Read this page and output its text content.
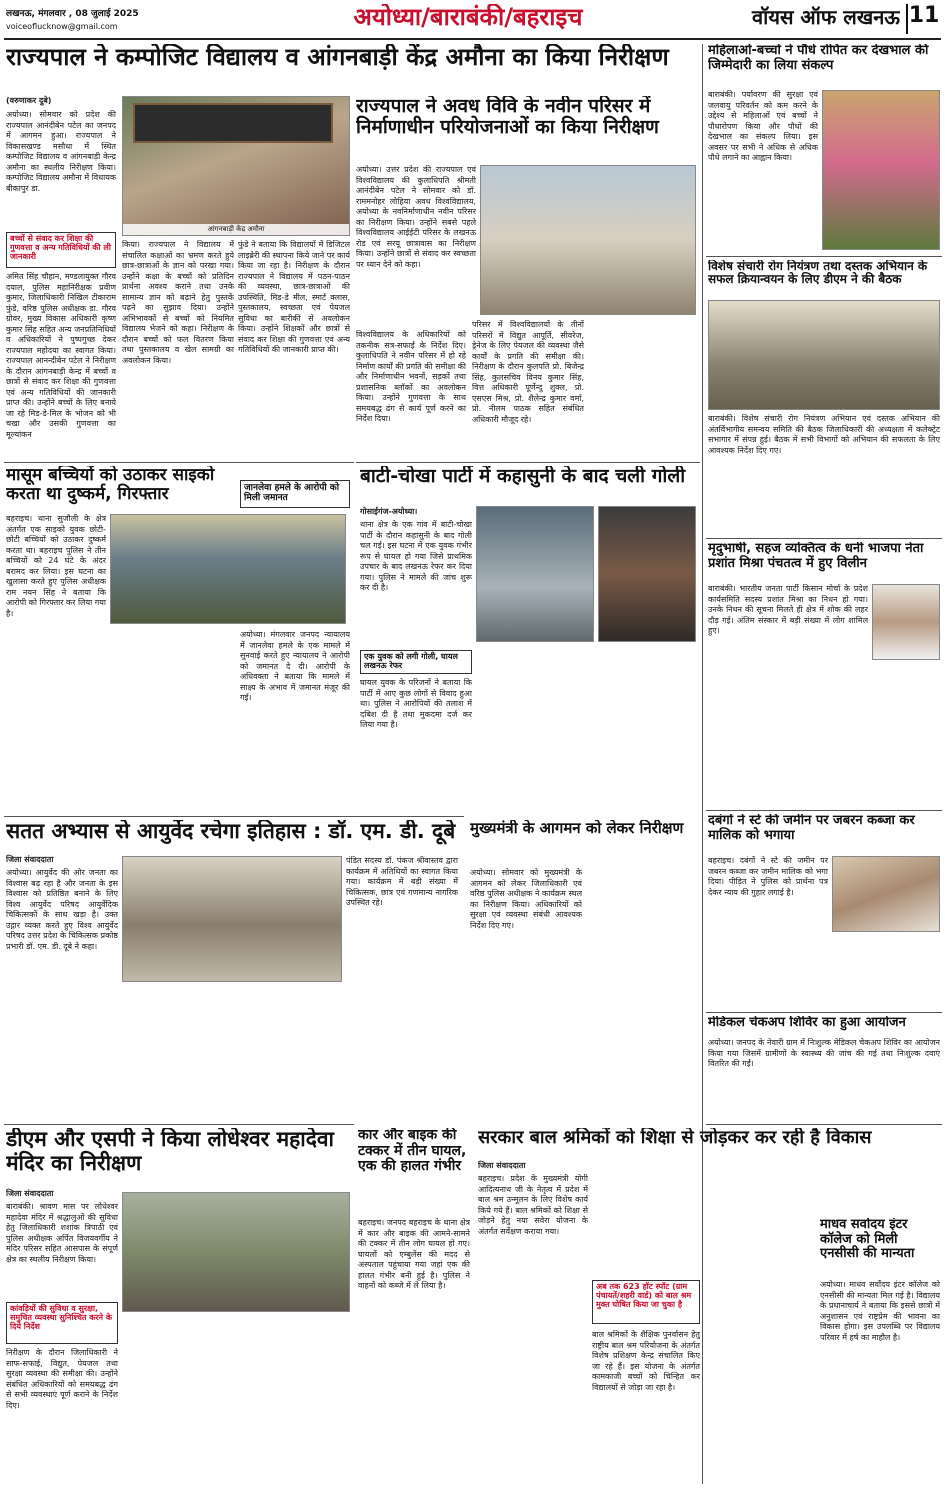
लखनऊ, मंगलवार , 08 जुलाई 2025
voiceoflucknow@gmail.com	अयोध्या/बाराबंकी/बहराइच	वॉयस ऑफ लखनऊ 11
राज्यपाल ने कम्पोजिट विद्यालय व आंगनबाड़ी केंद्र अमौना का किया निरीक्षण
(वरुणाकर दुबे)
अयोध्या। सोमवार को प्रदेश की राज्यपाल आनंदीबेन पटेल का जनपद में आगमन हुआ। राज्यपाल ने विकासखण्ड मसौधा में स्थित कम्पोजिट विद्यालय व आंगनबाड़ी केन्द्र अमौना का स्थलीय निरीक्षण किया। कम्पोजिट विद्यालय अमौना में विधायक बीकापुर डा.
बच्चों से संवाद कर शिक्षा की गुणवत्ता व अन्य गतिविधियों की ली जानकारी
अमित सिंह चौहान, मण्डलायुक्त गौरव दयाल, पुलिस महानिरीक्षक प्रवीण कुमार, जिलाधिकारी निखिल टीकाराम फुंडे, वरिष्ठ पुलिस अधीक्षक डा. गौरव ग्रोवर, मुख्य विकास अधिकारी कृष्ण कुमार सिंह सहित अन्य जनप्रतिनिधियों व अधिकारियों ने पुष्पगुच्छ देकर राज्यपाल महोदया का स्वागत किया। राज्यपाल आनन्दीबेन पटेल ने निरीक्षण के दौरान आंगनबाड़ी केन्द्र में बच्चों व छात्रों से संवाद कर शिक्षा की गुणवत्ता एवं अन्य गतिविधियों की जानकारी प्राप्त की। उन्होंने बच्चों के लिए बनाये जा रहे मिड-डे-मिल के भोजन को भी चखा और उसकी गुणवत्ता का मूल्यांकन
आंगनबाड़ी केंद्र अमौना
किया। राज्यपाल ने विद्यालय में संचालित कक्षाओं का भ्रमण करते हुये छात्र-छात्राओं के ज्ञान को परखा गया। उन्होंने कक्षा के बच्चों को प्रतिदिन प्रार्थना अवश्य कराने तथा उनके सामान्य ज्ञान को बढ़ाने हेतु पुस्तकें पढ़ने का सुझाव दिया। उन्होंने अभिभावकों से बच्चों को नियमित विद्यालय भेजने को कहा। निरीक्षण के दौरान बच्चों को फल वितरण किया तथा पुस्तकालय व खेल सामग्री का अवलोकन किया।
फुंडे ने बताया कि विद्यालयों में डिजिटल लाइब्रेरी की स्थापना किये जाने पर कार्य किया जा रहा है। निरीक्षण के दौरान राज्यपाल ने विद्यालय में पठन-पाठन की व्यवस्था, छात्र-छात्राओं की उपस्थिति, मिड-डे मील, स्मार्ट क्लास, पुस्तकालय, स्वच्छता एवं पेयजल सुविधा का बारीकी से अवलोकन किया। उन्होंने शिक्षकों और छात्रों से संवाद कर शिक्षा की गुणवत्ता एवं अन्य गतिविधियों की जानकारी प्राप्त की।
राज्यपाल ने अवध विवि के नवीन परिसर में निर्माणाधीन परियोजनाओं का किया निरीक्षण
अयोध्या। उत्तर प्रदेश की राज्यपाल एवं विश्वविद्यालय की कुलाधिपति श्रीमती आनंदीबेन पटेल ने सोमवार को डॉ. राममनोहर लोहिया अवध विश्वविद्यालय, अयोध्या के नवनिर्माणाधीन नवीन परिसर का निरीक्षण किया। उन्होंने सबसे पहले विश्वविद्यालय आईईटी परिसर के लखनऊ रोड एवं सरयू छात्रावास का निरीक्षण किया। उन्होंने छात्रों से संवाद कर स्वच्छता पर ध्यान देने को कहा।
विश्वविद्यालय के अधिकारियों को तकनीक सत्र-सफाई के निर्देश दिए। कुलाधिपति ने नवीन परिसर में हो रहे निर्माण कार्यों की प्रगति की समीक्षा की और निर्माणाधीन भवनों, सड़कों तथा प्रशासनिक ब्लॉकों का अवलोकन किया। उन्होंने गुणवत्ता के साथ समयबद्ध ढंग से कार्य पूर्ण करने का निर्देश दिया।
परिसर में विश्वविद्यालयों के तीनों परिसरों में विद्युत आपूर्ति, सीवरेज, ड्रेनेज के लिए पेयजल की व्यवस्था जैसे कार्यों के प्रगति की समीक्षा की। निरीक्षण के दौरान कुलपति प्रो. बिजेन्द्र सिंह, कुलसचिव विनय कुमार सिंह, वित्त अधिकारी पूर्णेन्दु शुक्ल, प्रो. एसएस मिश्र, प्रो. शैलेन्द्र कुमार वर्मा, प्रो. नीलम पाठक सहित संबंधित अधिकारी मौजूद रहे।
मासूम बच्चियों को उठाकर साइको करता था दुष्कर्म, गिरफ्तार
बहराइच। थाना सुजौली के क्षेत्र अंतर्गत एक साइको युवक छोटी-छोटी बच्चियों को उठाकर दुष्कर्म करता था। बहराइच पुलिस ने तीन बच्चियों को 24 घंटे के अंदर बरामद कर लिया। इस घटना का खुलासा करते हुए पुलिस अधीक्षक राम नयन सिंह ने बताया कि आरोपी को गिरफ्तार कर लिया गया है।
जानलेवा हमले के आरोपी को मिली जमानत
अयोध्या। मंगलवार जनपद न्यायालय में जानलेवा हमले के एक मामले में सुनवाई करते हुए न्यायालय ने आरोपी को जमानत दे दी। आरोपी के अधिवक्ता ने बताया कि मामले में साक्ष्य के अभाव में जमानत मंजूर की गई।
बाटी-चोखा पार्टी में कहासुनी के बाद चली गोली
गोसाईगंज-अयोध्या।
थाना क्षेत्र के एक गांव में बाटी-चोखा पार्टी के दौरान कहासुनी के बाद गोली चल गई। इस घटना में एक युवक गंभीर रूप से घायल हो गया जिसे प्राथमिक उपचार के बाद लखनऊ रेफर कर दिया गया। पुलिस ने मामले की जांच शुरू कर दी है।
एक युवक को लगी गोली, घायल लखनऊ रेफर
घायल युवक के परिजनों ने बताया कि पार्टी में आए कुछ लोगों से विवाद हुआ था। पुलिस ने आरोपियों की तलाश में दबिश दी है तथा मुकदमा दर्ज कर लिया गया है।
सतत अभ्यास से आयुर्वेद रचेगा इतिहास : डॉ. एम. डी. दूबे
जिला संवाददाता
अयोध्या। आयुर्वेद की ओर जनता का विश्वास बढ़ रहा है और जनता के इस विश्वास को प्रतिष्ठित बनाने के लिए विश्व आयुर्वेद परिषद आयुर्वेदिक चिकित्सकों के साथ खड़ा है। उक्त उद्गार व्यक्त करते हुए विश्व आयुर्वेद परिषद उत्तर प्रदेश के चिकित्सक प्रकोष्ठ प्रभारी डॉ. एम. डी. दूबे ने कहा।
पंडित सदस्य डॉ. पंकज श्रीवास्तव द्वारा कार्यक्रम में अतिथियों का स्वागत किया गया। कार्यक्रम में बड़ी संख्या में चिकित्सक, छात्र एवं गणमान्य नागरिक उपस्थित रहे।
मुख्यमंत्री के आगमन को लेकर निरीक्षण
अयोध्या। सोमवार को मुख्यमंत्री के आगमन को लेकर जिलाधिकारी एवं वरिष्ठ पुलिस अधीक्षक ने कार्यक्रम स्थल का निरीक्षण किया। अधिकारियों को सुरक्षा एवं व्यवस्था संबंधी आवश्यक निर्देश दिए गए।
डीएम और एसपी ने किया लोधेश्वर महादेवा मंदिर का निरीक्षण
जिला संवाददाता
बाराबंकी। श्रावण मास पर लोधेश्वर महादेवा मंदिर में श्रद्धालुओं की सुविधा हेतु जिलाधिकारी शशांक त्रिपाठी एवं पुलिस अधीक्षक अर्पित विजयवर्गीय ने मंदिर परिसर सहित आसपास के संपूर्ण क्षेत्र का स्थलीय निरीक्षण किया।
कांवड़ियों की सुविधा व सुरक्षा, समुचित व्यवस्था सुनिश्चित करने के दिये निर्देश
निरीक्षण के दौरान जिलाधिकारी ने साफ-सफाई, विद्युत, पेयजल तथा सुरक्षा व्यवस्था की समीक्षा की। उन्होंने संबंधित अधिकारियों को समयबद्ध ढंग से सभी व्यवस्थाएं पूर्ण कराने के निर्देश दिए।
कार और बाइक की टक्कर में तीन घायल, एक की हालत गंभीर
बहराइच। जनपद बहराइच के थाना क्षेत्र में कार और बाइक की आमने-सामने की टक्कर में तीन लोग घायल हो गए। घायलों को एम्बुलेंस की मदद से अस्पताल पहुंचाया गया जहां एक की हालत गंभीर बनी हुई है। पुलिस ने वाहनों को कब्जे में ले लिया है।
सरकार बाल श्रमिकों को शिक्षा से जोड़कर कर रही है विकास
जिला संवाददाता
बहराइच। प्रदेश के मुख्यमंत्री योगी आदित्यनाथ जी के नेतृत्व में प्रदेश में बाल श्रम उन्मूलन के लिए विशेष कार्य किये गये हैं। बाल श्रमिकों को शिक्षा से जोड़ने हेतु नया सवेरा योजना के अंतर्गत सर्वेक्षण कराया गया।
अब तक 623 हॉट स्पॉट (ग्राम पंचायतें/शहरी वार्ड) को बाल श्रम मुक्त घोषित किया जा चुका है
बाल श्रमिकों के शैक्षिक पुनर्वासन हेतु राष्ट्रीय बाल श्रम परियोजना के अंतर्गत विशेष प्रशिक्षण केन्द्र संचालित किए जा रहे हैं। इस योजना के अंतर्गत कामकाजी बच्चों को चिन्हित कर विद्यालयों से जोड़ा जा रहा है।
महिलाओं-बच्चों ने पौधे रोपित कर देखभाल की जिम्मेदारी का लिया संकल्प
बाराबंकी। पर्यावरण की सुरक्षा एवं जलवायु परिवर्तन को कम करने के उद्देश्य से महिलाओं एवं बच्चों ने पौधारोपण किया और पौधों की देखभाल का संकल्प लिया। इस अवसर पर सभी ने अधिक से अधिक पौधे लगाने का आह्वान किया।
विशेष संचारी रोग नियंत्रण तथा दस्तक अभियान के सफल क्रियान्वयन के लिए डीएम ने की बैठक
बाराबंकी। विशेष संचारी रोग नियंत्रण अभियान एवं दस्तक अभियान की अंतर्विभागीय समन्वय समिति की बैठक जिलाधिकारी की अध्यक्षता में कलेक्ट्रेट सभागार में संपन्न हुई। बैठक में सभी विभागों को अभियान की सफलता के लिए आवश्यक निर्देश दिए गए।
मृदुभाषी, सहज व्यक्तित्व के धनी भाजपा नेता प्रशांत मिश्रा पंचतत्व में हुए विलीन
बाराबंकी। भारतीय जनता पार्टी किसान मोर्चा के प्रदेश कार्यसमिति सदस्य प्रशांत मिश्रा का निधन हो गया। उनके निधन की सूचना मिलते ही क्षेत्र में शोक की लहर दौड़ गई। अंतिम संस्कार में बड़ी संख्या में लोग शामिल हुए।
दबंगों ने स्टे की जमीन पर जबरन कब्जा कर मालिक को भगाया
बहराइच। दबंगों ने स्टे की जमीन पर जबरन कब्जा कर जमीन मालिक को भगा दिया। पीड़ित ने पुलिस को प्रार्थना पत्र देकर न्याय की गुहार लगाई है।
मेडिकल चेकअप शिविर का हुआ आयोजन
अयोध्या। जनपद के नेवारी ग्राम में निःशुल्क मेडिकल चेकअप शिविर का आयोजन किया गया जिसमें ग्रामीणों के स्वास्थ्य की जांच की गई तथा निःशुल्क दवाएं वितरित की गईं।
माधव सर्वोदय इंटर कॉलेज को मिली एनसीसी की मान्यता
अयोध्या। माधव सर्वोदय इंटर कॉलेज को एनसीसी की मान्यता मिल गई है। विद्यालय के प्रधानाचार्य ने बताया कि इससे छात्रों में अनुशासन एवं राष्ट्रप्रेम की भावना का विकास होगा। इस उपलब्धि पर विद्यालय परिवार में हर्ष का माहौल है।
